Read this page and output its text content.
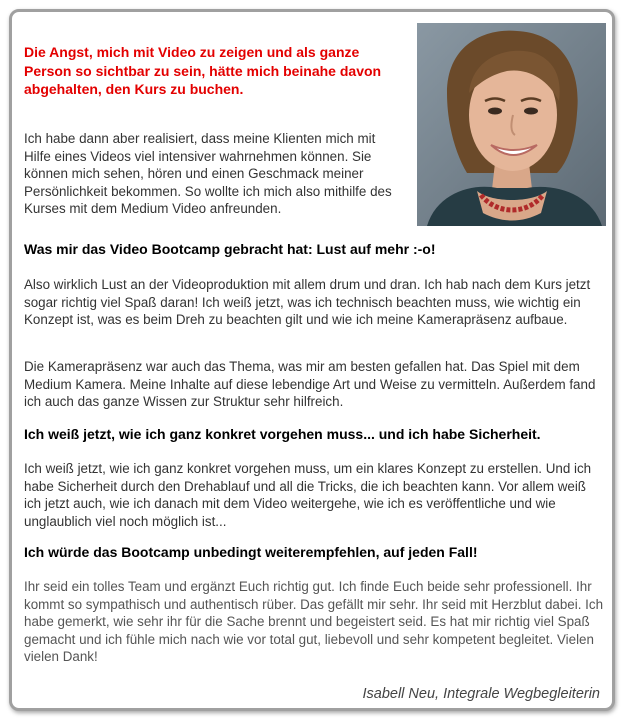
Die Angst, mich mit Video zu zeigen und als ganze Person so sichtbar zu sein, hätte mich beinahe davon abgehalten, den Kurs zu buchen.
Ich habe dann aber realisiert, dass meine Klienten mich mit Hilfe eines Videos viel intensiver wahrnehmen können. Sie können mich sehen, hören und einen Geschmack meiner Persönlichkeit bekommen. So wollte ich mich also mithilfe des Kurses mit dem Medium Video anfreunden.
Was mir das Video Bootcamp gebracht hat: Lust auf mehr :-o!
Also wirklich Lust an der Videoproduktion mit allem drum und dran. Ich hab nach dem Kurs jetzt sogar richtig viel Spaß daran! Ich weiß jetzt, was ich technisch beachten muss, wie wichtig ein Konzept ist, was es beim Dreh zu beachten gilt und wie ich meine Kamerapräsenz aufbaue.
Die Kamerapräsenz war auch das Thema, was mir am besten gefallen hat. Das Spiel mit dem Medium Kamera. Meine Inhalte auf diese lebendige Art und Weise zu vermitteln. Außerdem fand ich auch das ganze Wissen zur Struktur sehr hilfreich.
Ich weiß jetzt, wie ich ganz konkret vorgehen muss... und ich habe Sicherheit.
Ich weiß jetzt, wie ich ganz konkret vorgehen muss, um ein klares Konzept zu erstellen. Und ich habe Sicherheit durch den Drehablauf und all die Tricks, die ich beachten kann. Vor allem weiß ich jetzt auch, wie ich danach mit dem Video weitergehe, wie ich es veröffentliche und wie unglaublich viel noch möglich ist...
Ich würde das Bootcamp unbedingt weiterempfehlen, auf jeden Fall!
Ihr seid ein tolles Team und ergänzt Euch richtig gut. Ich finde Euch beide sehr professionell. Ihr kommt so sympathisch und authentisch rüber. Das gefällt mir sehr. Ihr seid mit Herzblut dabei. Ich habe gemerkt, wie sehr ihr für die Sache brennt und begeistert seid. Es hat mir richtig viel Spaß gemacht und ich fühle mich nach wie vor total gut, liebevoll und sehr kompetent begleitet. Vielen vielen Dank!
Isabell Neu, Integrale Wegbegleiterin
